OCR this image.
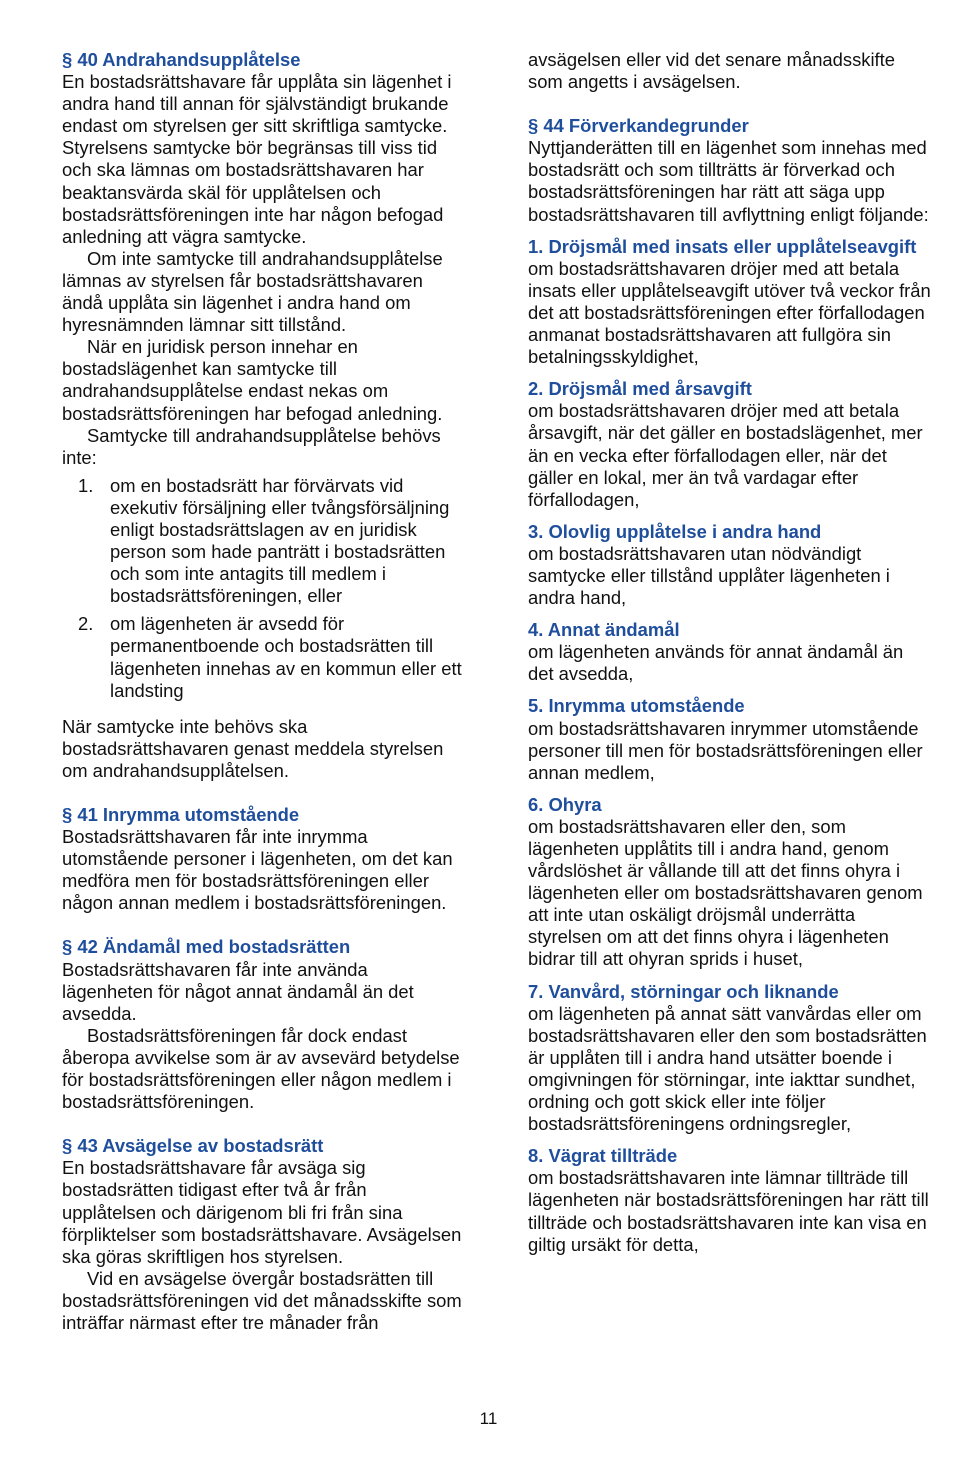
§ 40 Andrahandsupplåtelse

En bostadsrättshavare får upplåta sin lägenhet i andra hand till annan för självständigt brukande endast om styrelsen ger sitt skriftliga samtycke. Styrelsens samtycke bör begränsas till viss tid och ska lämnas om bostadsrättshavaren har beaktansvärda skäl för upplåtelsen och bostadsrättsföreningen inte har någon befogad anledning att vägra samtycke.

Om inte samtycke till andrahandsupplåtelse lämnas av styrelsen får bostadsrättshavaren ändå upplåta sin lägenhet i andra hand om hyresnämnden lämnar sitt tillstånd.

När en juridisk person innehar en bostadslägenhet kan samtycke till andrahandsupplåtelse endast nekas om bostadsrättsföreningen har befogad anledning.

Samtycke till andrahandsupplåtelse behövs inte:

1. om en bostadsrätt har förvärvats vid exekutiv försäljning eller tvångsförsäljning enligt bostadsrättslagen av en juridisk person som hade panträtt i bostadsrätten och som inte antagits till medlem i bostadsrättsföreningen, eller
2. om lägenheten är avsedd för permanentboende och bostadsrätten till lägenheten innehas av en kommun eller ett landsting

När samtycke inte behövs ska bostadsrättshavaren genast meddela styrelsen om andrahandsupplåtelsen.

§ 41 Inrymma utomstående

Bostadsrättshavaren får inte inrymma utomstående personer i lägenheten, om det kan medföra men för bostadsrättsföreningen eller någon annan medlem i bostadsrättsföreningen.

§ 42 Ändamål med bostadsrätten

Bostadsrättshavaren får inte använda lägenheten för något annat ändamål än det avsedda.

Bostadsrättsföreningen får dock endast åberopa avvikelse som är av avsevärd betydelse för bostadsrättsföreningen eller någon medlem i bostadsrättsföreningen.

§ 43 Avsägelse av bostadsrätt

En bostadsrättshavare får avsäga sig bostadsrätten tidigast efter två år från upplåtelsen och därigenom bli fri från sina förpliktelser som bostadsrättshavare. Avsägelsen ska göras skriftligen hos styrelsen.

Vid en avsägelse övergår bostadsrätten till bostadsrättsföreningen vid det månadsskifte som inträffar närmast efter tre månader från

avsägelsen eller vid det senare månadsskifte som angetts i avsägelsen.

§ 44 Förverkandegrunder

Nyttjanderätten till en lägenhet som innehas med bostadsrätt och som tillträtts är förverkad och bostadsrättsföreningen har rätt att säga upp bostadsrättshavaren till avflyttning enligt följande:

1. Dröjsmål med insats eller upplåtelseavgift

om bostadsrättshavaren dröjer med att betala insats eller upplåtelseavgift utöver två veckor från det att bostadsrättsföreningen efter förfallodagen anmanat bostadsrättshavaren att fullgöra sin betalningsskyldighet,

2. Dröjsmål med årsavgift

om bostadsrättshavaren dröjer med att betala årsavgift, när det gäller en bostadslägenhet, mer än en vecka efter förfallodagen eller, när det gäller en lokal, mer än två vardagar efter förfallodagen,

3. Olovlig upplåtelse i andra hand

om bostadsrättshavaren utan nödvändigt samtycke eller tillstånd upplåter lägenheten i andra hand,

4. Annat ändamål

om lägenheten används för annat ändamål än det avsedda,

5. Inrymma utomstående

om bostadsrättshavaren inrymmer utomstående personer till men för bostadsrättsföreningen eller annan medlem,

6. Ohyra

om bostadsrättshavaren eller den, som lägenheten upplåtits till i andra hand, genom vårdslöshet är vållande till att det finns ohyra i lägenheten eller om bostadsrättshavaren genom att inte utan oskäligt dröjsmål underrätta styrelsen om att det finns ohyra i lägenheten bidrar till att ohyran sprids i huset,

7. Vanvård, störningar och liknande

om lägenheten på annat sätt vanvårdas eller om bostadsrättshavaren eller den som bostadsrätten är upplåten till i andra hand utsätter boende i omgivningen för störningar, inte iakttar sundhet, ordning och gott skick eller inte följer bostadsrättsföreningens ordningsregler,

8. Vägrat tillträde

om bostadsrättshavaren inte lämnar tillträde till lägenheten när bostadsrättsföreningen har rätt till tillträde och bostadsrättshavaren inte kan visa en giltig ursäkt för detta,

11
